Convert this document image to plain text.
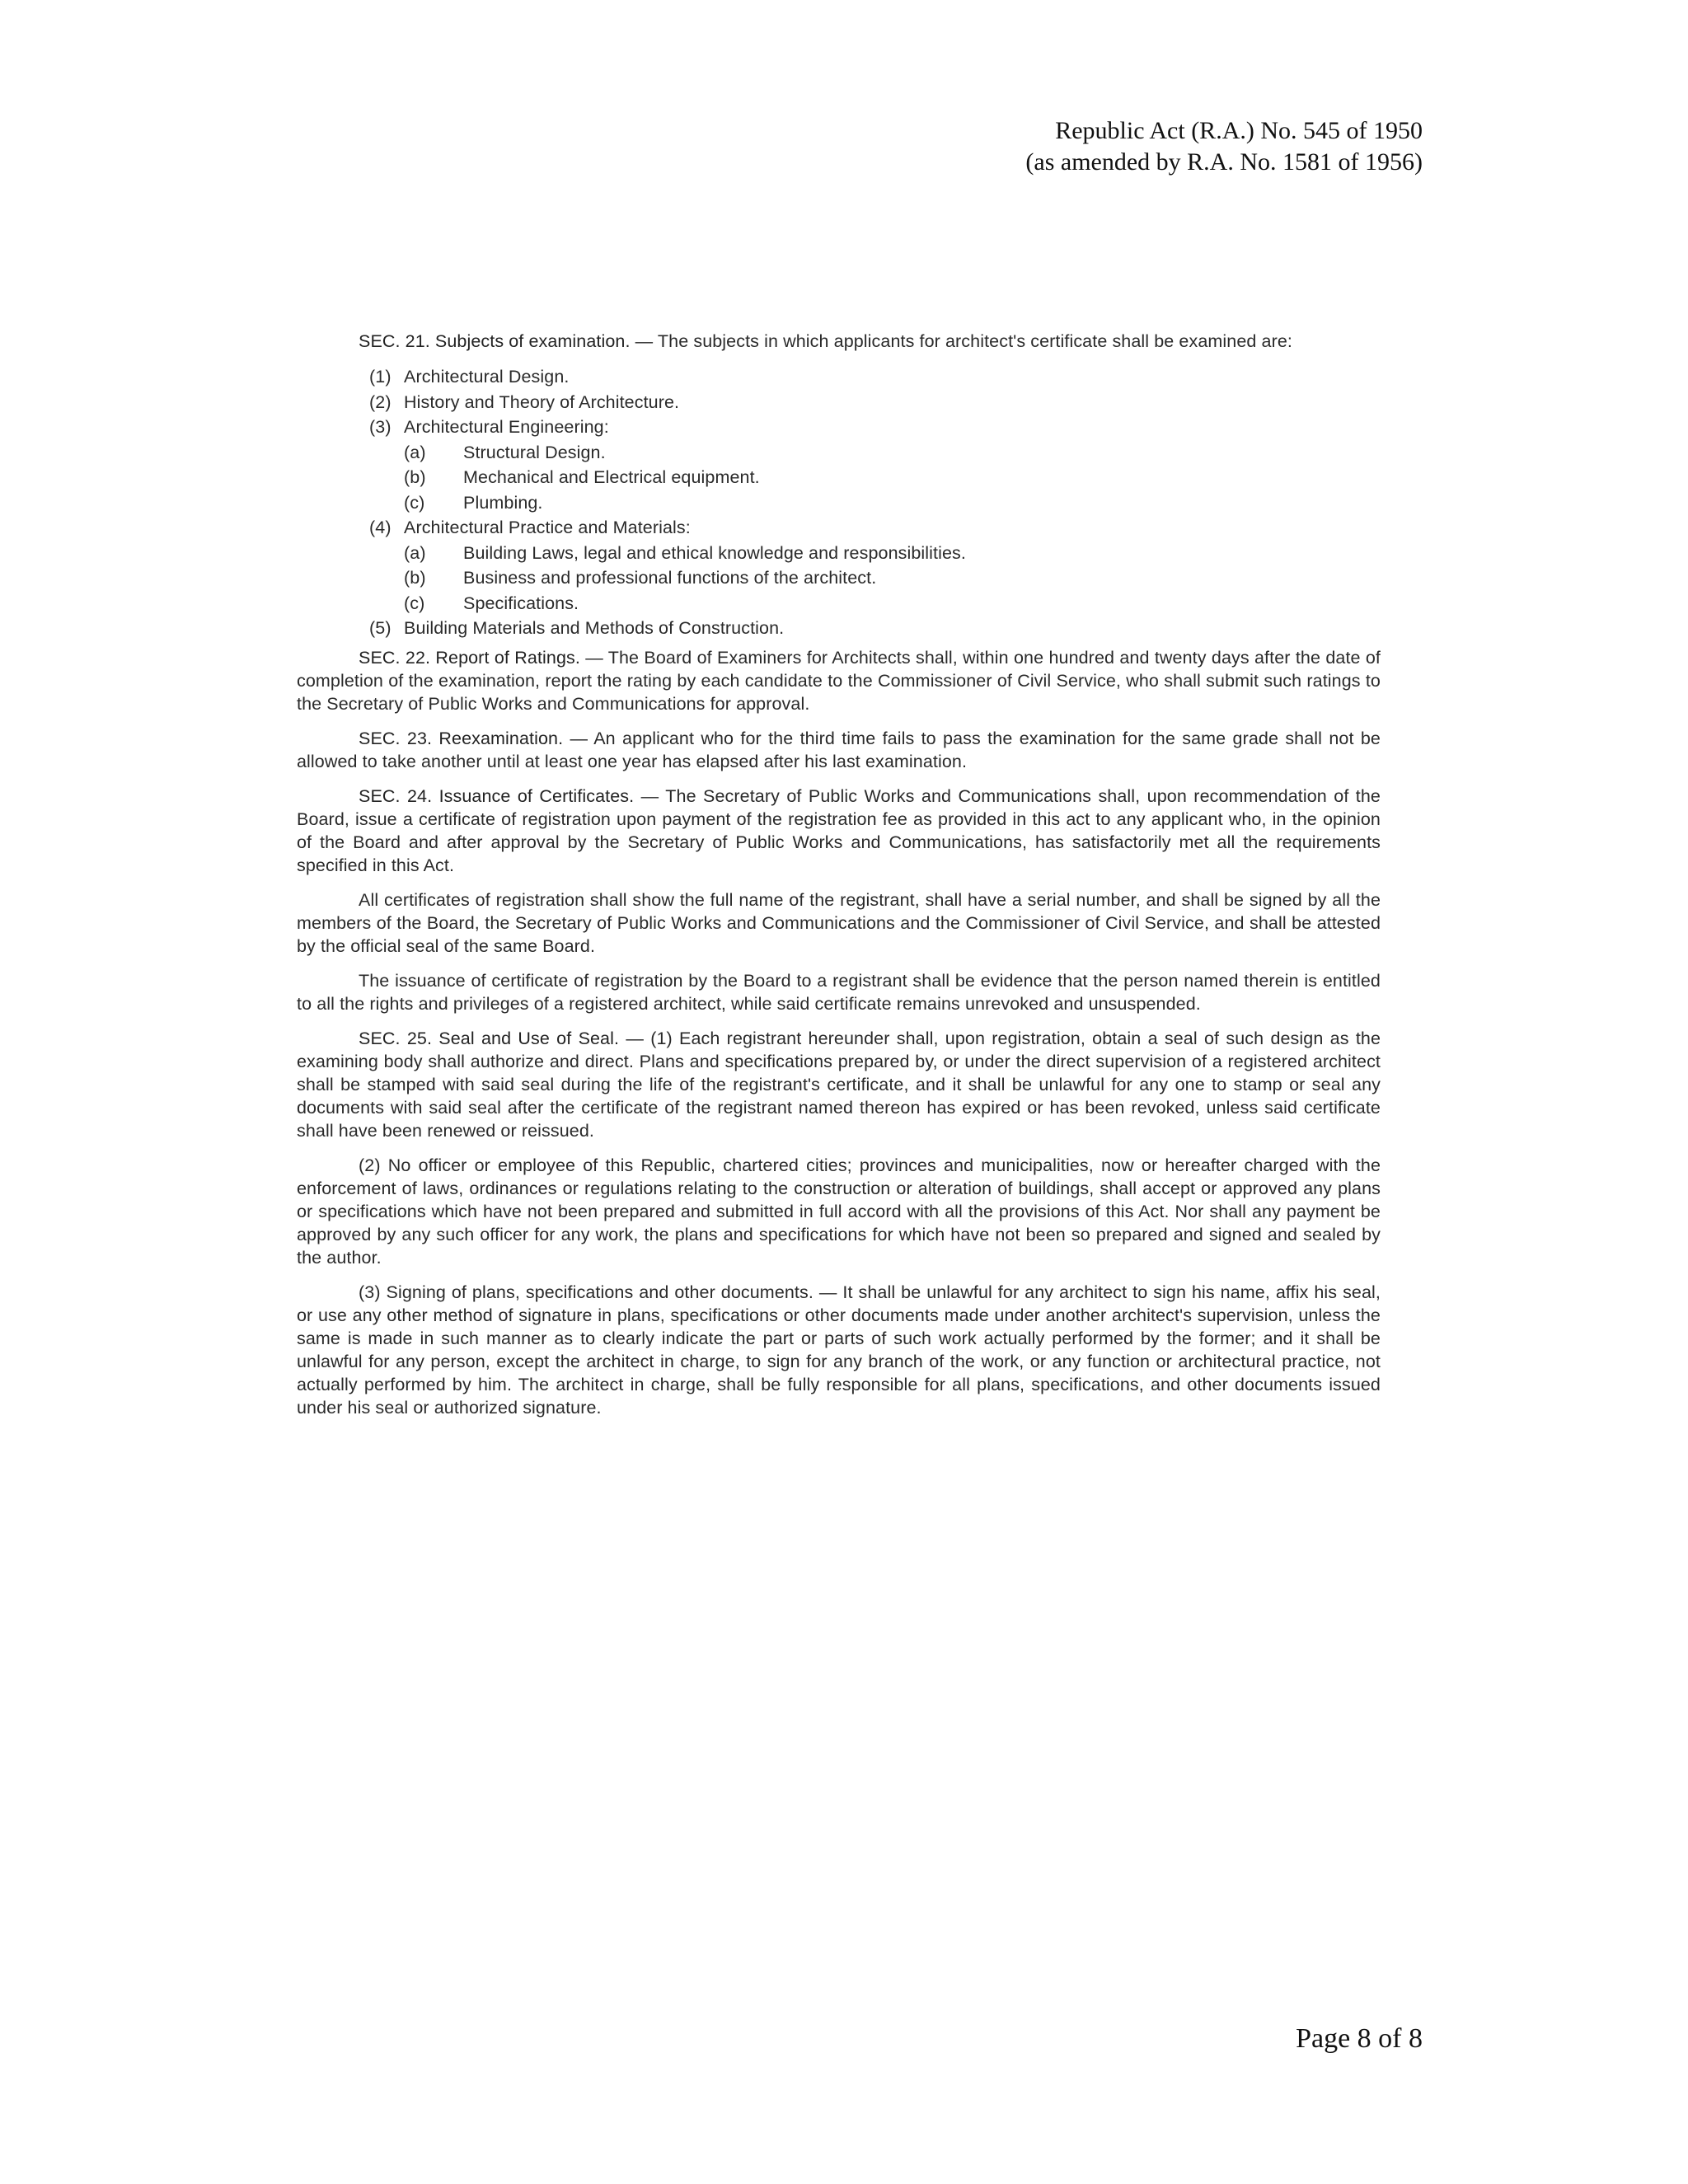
Republic Act (R.A.) No. 545 of 1950
(as amended by R.A. No. 1581 of 1956)

SEC. 21. Subjects of examination. — The subjects in which applicants for architect's certificate shall be examined are:

(1) Architectural Design.
(2) History and Theory of Architecture.
(3) Architectural Engineering:
(a) Structural Design.
(b) Mechanical and Electrical equipment.
(c) Plumbing.
(4) Architectural Practice and Materials:
(a) Building Laws, legal and ethical knowledge and responsibilities.
(b) Business and professional functions of the architect.
(c) Specifications.
(5) Building Materials and Methods of Construction.

SEC. 22. Report of Ratings. — The Board of Examiners for Architects shall, within one hundred and twenty days after the date of completion of the examination, report the rating by each candidate to the Commissioner of Civil Service, who shall submit such ratings to the Secretary of Public Works and Communications for approval.

SEC. 23. Reexamination. — An applicant who for the third time fails to pass the examination for the same grade shall not be allowed to take another until at least one year has elapsed after his last examination.

SEC. 24. Issuance of Certificates. — The Secretary of Public Works and Communications shall, upon recommendation of the Board, issue a certificate of registration upon payment of the registration fee as provided in this act to any applicant who, in the opinion of the Board and after approval by the Secretary of Public Works and Communications, has satisfactorily met all the requirements specified in this Act.

All certificates of registration shall show the full name of the registrant, shall have a serial number, and shall be signed by all the members of the Board, the Secretary of Public Works and Communications and the Commissioner of Civil Service, and shall be attested by the official seal of the same Board.

The issuance of certificate of registration by the Board to a registrant shall be evidence that the person named therein is entitled to all the rights and privileges of a registered architect, while said certificate remains unrevoked and unsuspended.

SEC. 25. Seal and Use of Seal. — (1) Each registrant hereunder shall, upon registration, obtain a seal of such design as the examining body shall authorize and direct. Plans and specifications prepared by, or under the direct supervision of a registered architect shall be stamped with said seal during the life of the registrant's certificate, and it shall be unlawful for any one to stamp or seal any documents with said seal after the certificate of the registrant named thereon has expired or has been revoked, unless said certificate shall have been renewed or reissued.

(2) No officer or employee of this Republic, chartered cities; provinces and municipalities, now or hereafter charged with the enforcement of laws, ordinances or regulations relating to the construction or alteration of buildings, shall accept or approved any plans or specifications which have not been prepared and submitted in full accord with all the provisions of this Act. Nor shall any payment be approved by any such officer for any work, the plans and specifications for which have not been so prepared and signed and sealed by the author.

(3) Signing of plans, specifications and other documents. — It shall be unlawful for any architect to sign his name, affix his seal, or use any other method of signature in plans, specifications or other documents made under another architect's supervision, unless the same is made in such manner as to clearly indicate the part or parts of such work actually performed by the former; and it shall be unlawful for any person, except the architect in charge, to sign for any branch of the work, or any function or architectural practice, not actually performed by him. The architect in charge, shall be fully responsible for all plans, specifications, and other documents issued under his seal or authorized signature.

Page 8 of 8
